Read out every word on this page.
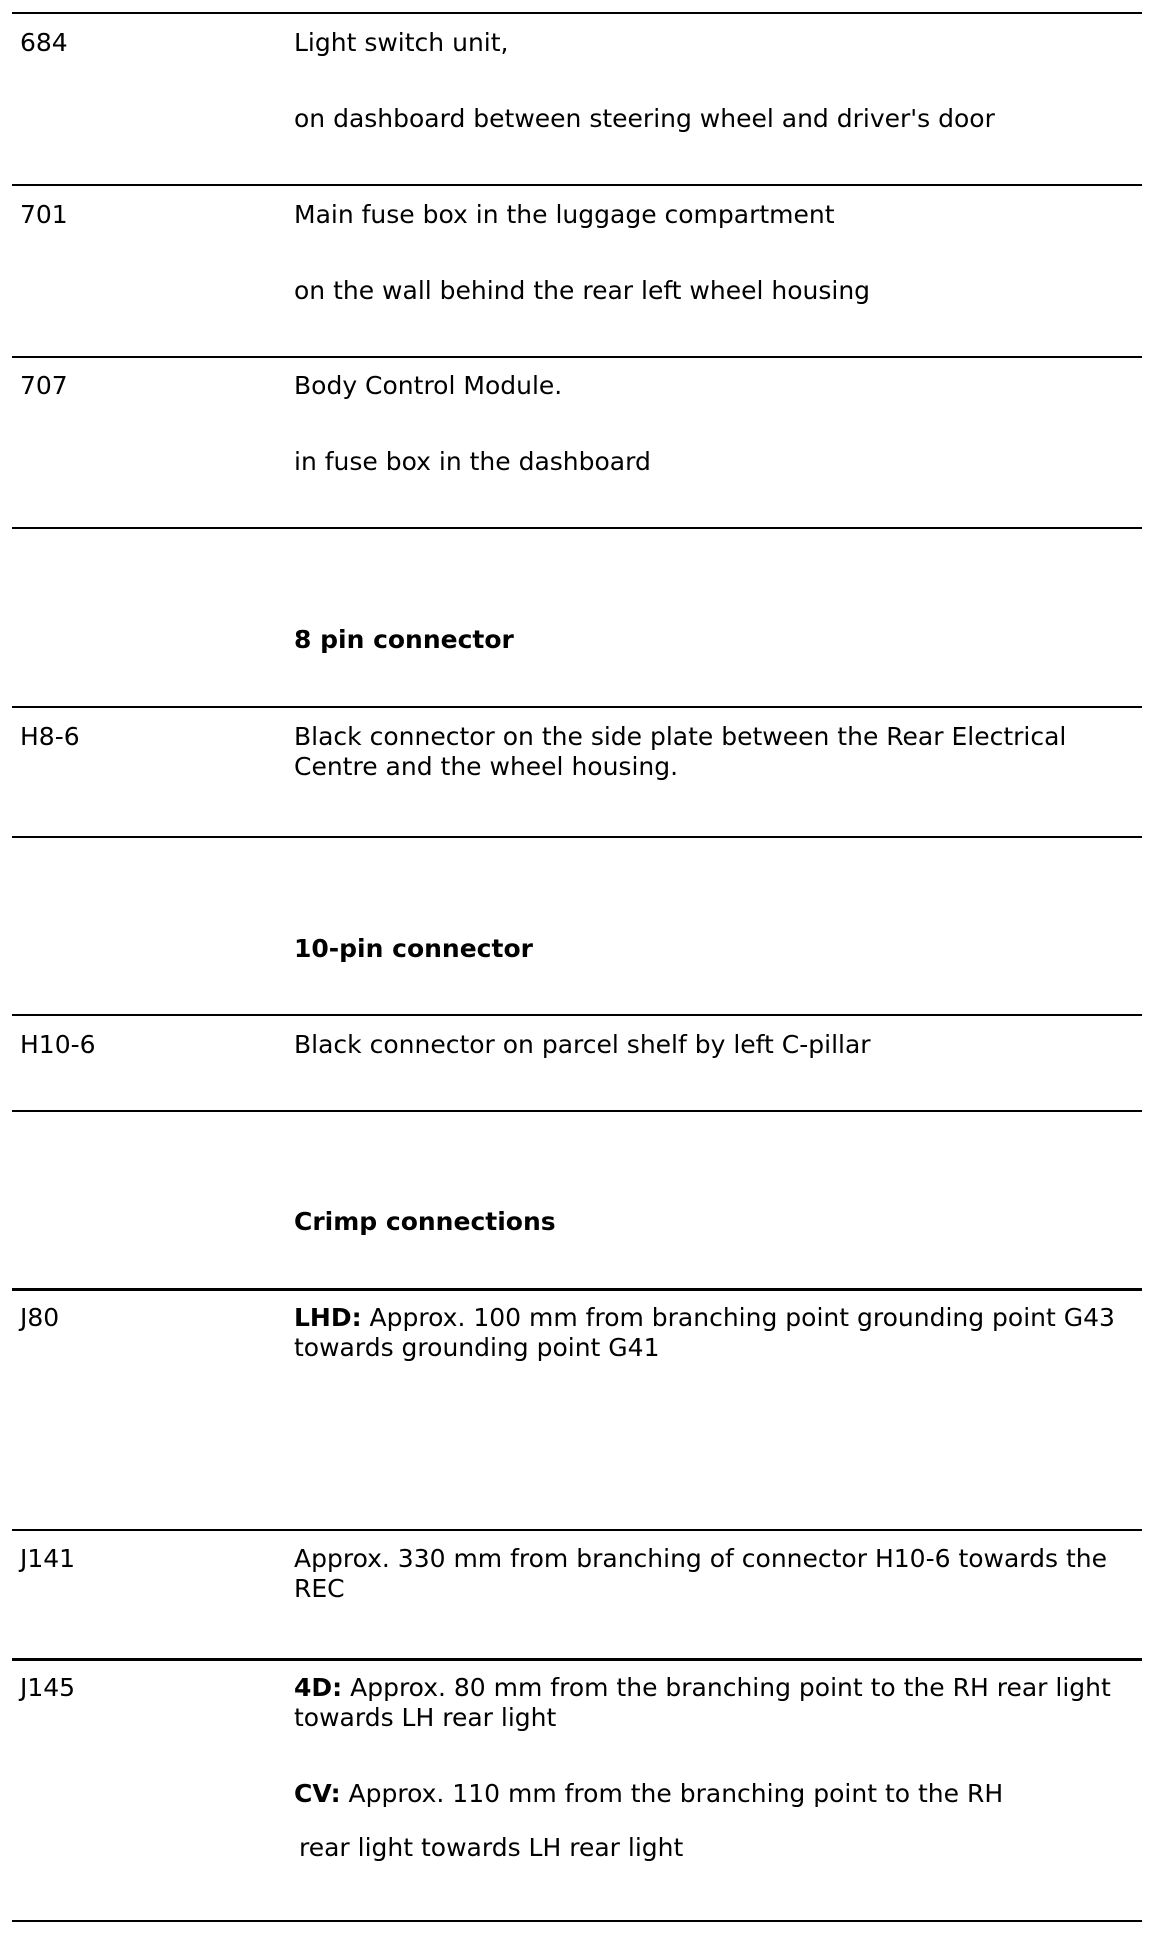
684	Light switch unit,

on dashboard between steering wheel and driver's door

701	Main fuse box in the luggage compartment

on the wall behind the rear left wheel housing

707	Body Control Module.

in fuse box in the dashboard

8 pin connector
H8-6	Black connector on the side plate between the Rear Electrical Centre and the wheel housing.
10-pin connector
H10-6	Black connector on parcel shelf by left C-pillar
Crimp connections
J80	LHD: Approx. 100 mm from branching point grounding point G43 towards grounding point G41
J141	Approx. 330 mm from branching of connector H10-6 towards the REC
J145	4D: Approx. 80 mm from the branching point to the RH rear light towards LH rear light

CV: Approx. 110 mm from the branching point to the RH

rear light towards LH rear light
